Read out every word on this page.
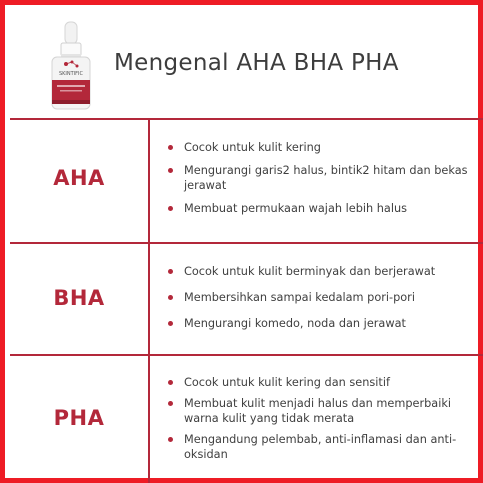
SKINTIFIC Mengenal AHA BHA PHA
AHA
Cocok untuk kulit kering
Mengurangi garis2 halus, bintik2 hitam dan bekas jerawat
Membuat permukaan wajah lebih halus
BHA
Cocok untuk kulit berminyak dan berjerawat
Membersihkan sampai kedalam pori-pori
Mengurangi komedo, noda dan jerawat
PHA
Cocok untuk kulit kering dan sensitif
Membuat kulit menjadi halus dan memperbaiki warna kulit yang tidak merata
Mengandung pelembab, anti-inflamasi dan anti-oksidan
